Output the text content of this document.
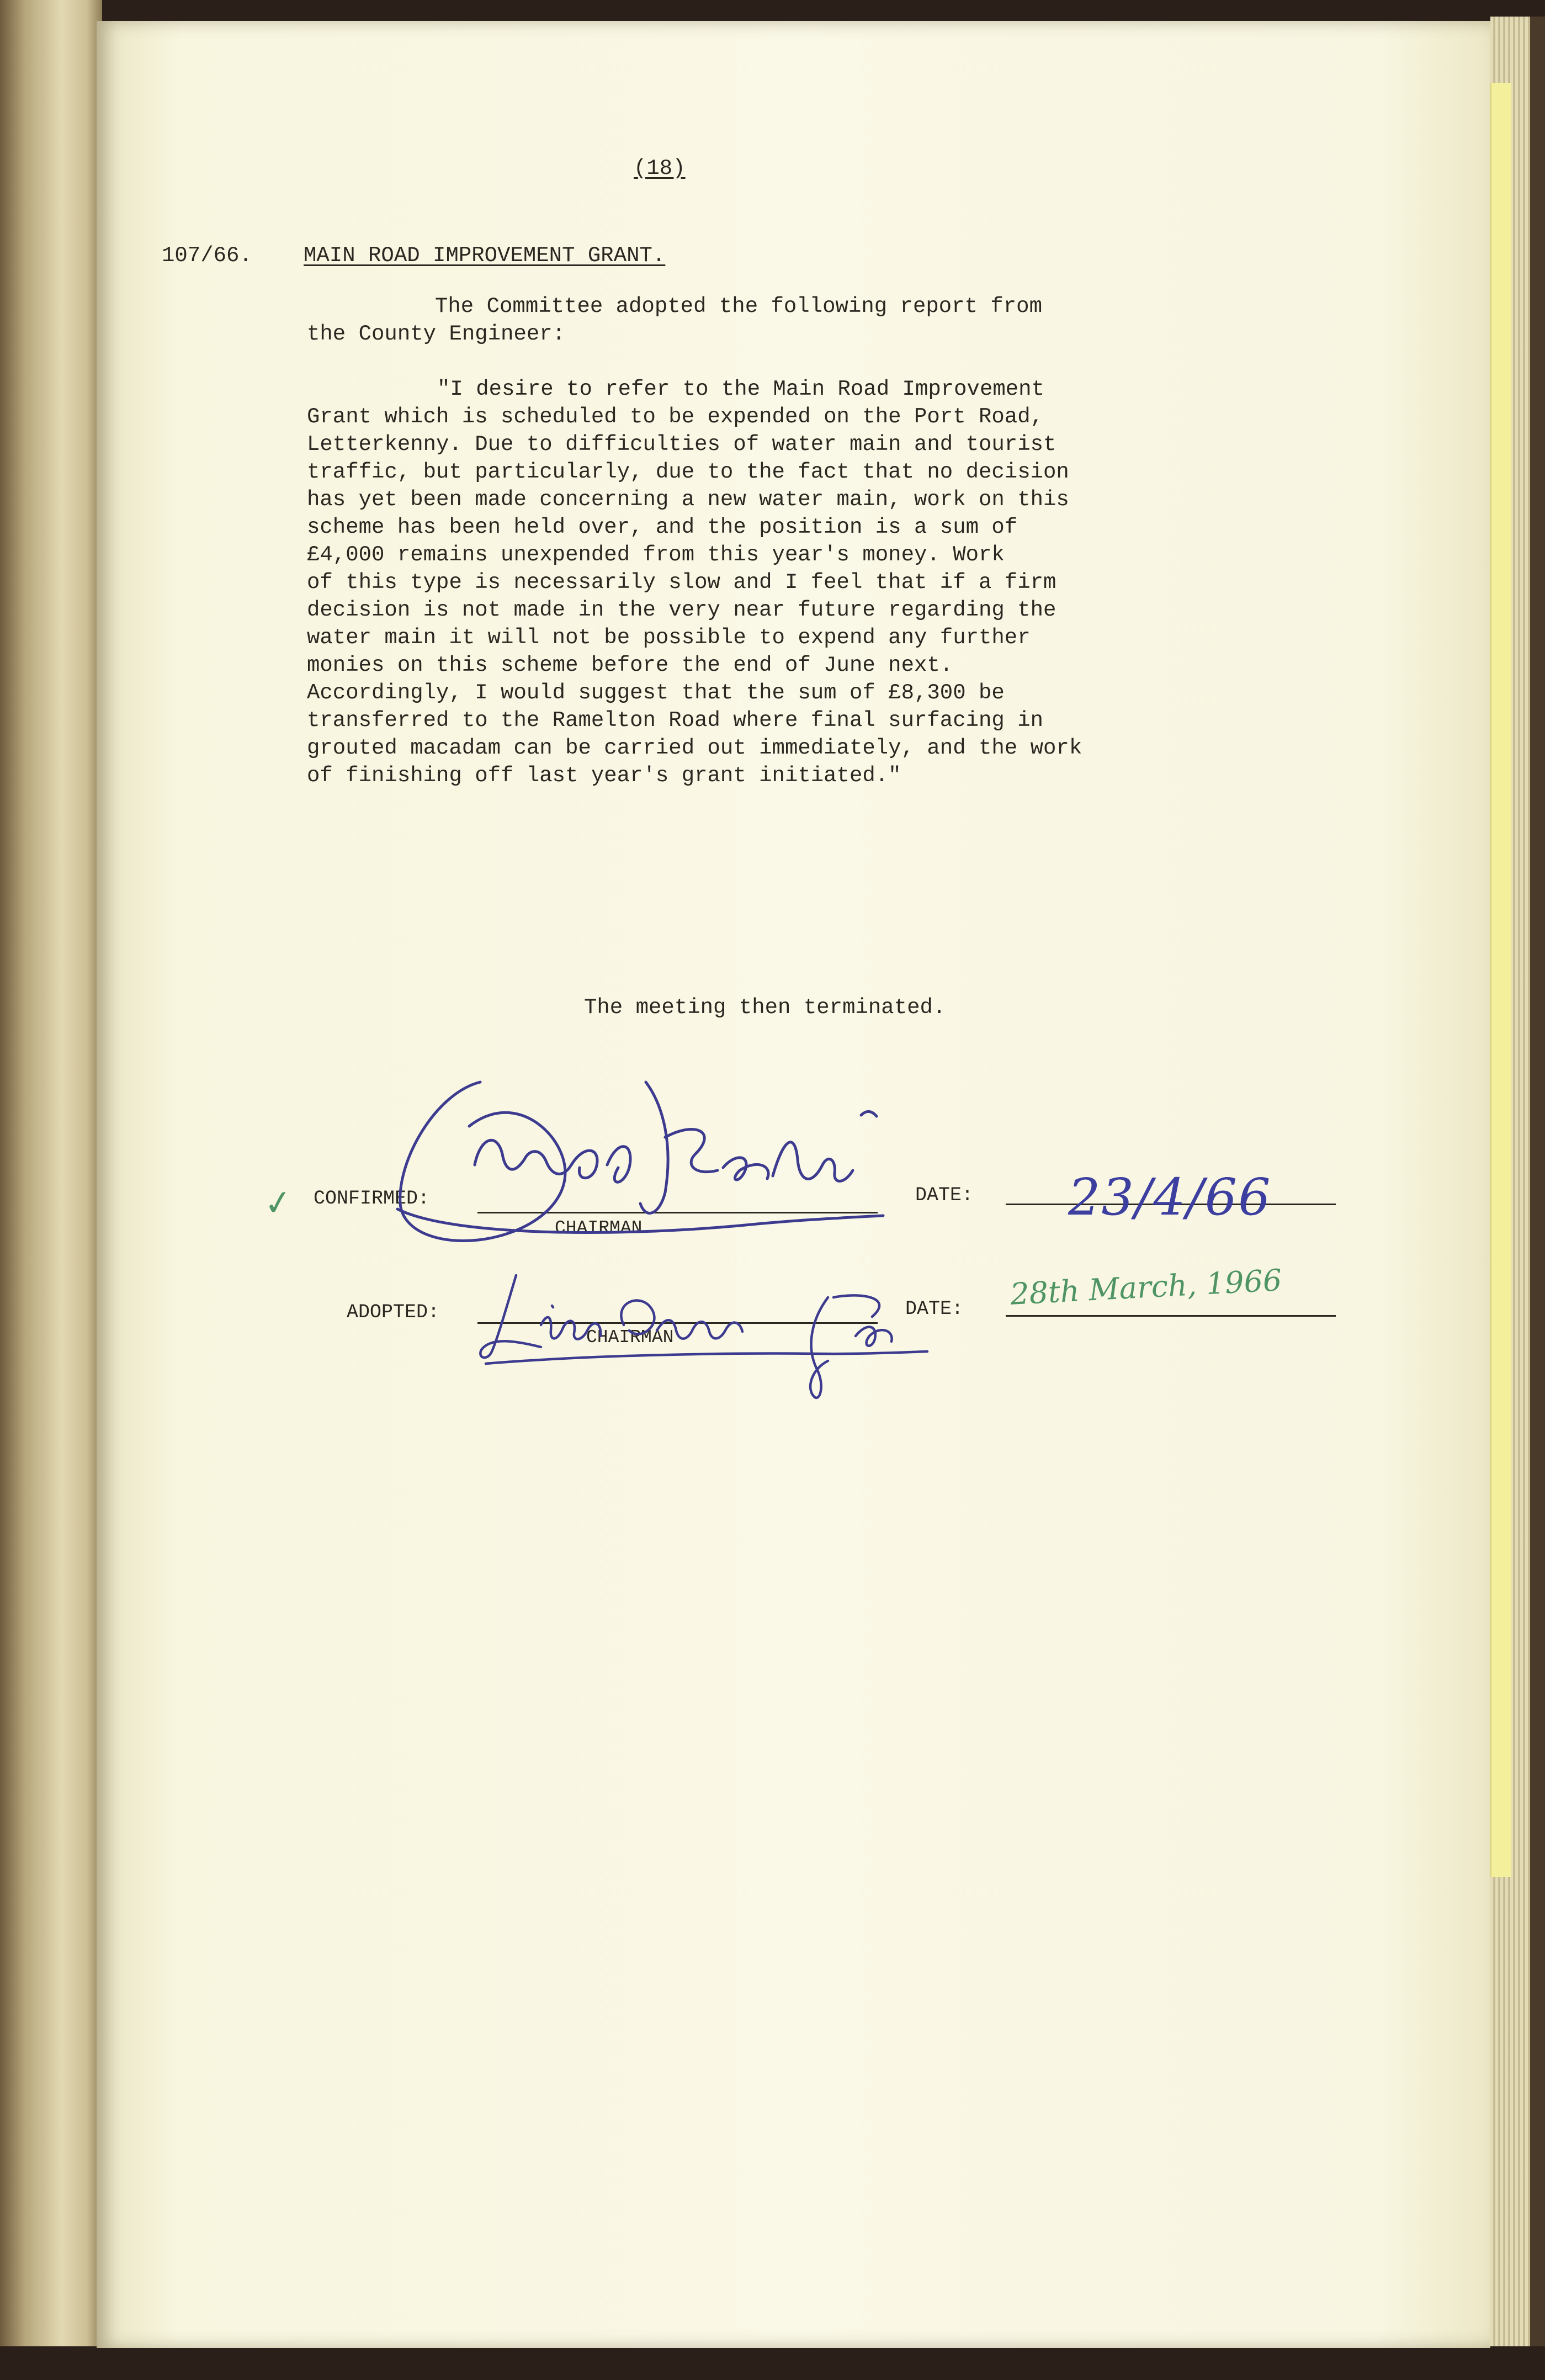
(18)
107/66. MAIN ROAD IMPROVEMENT GRANT.
The Committee adopted the following report from
the County Engineer:
"I desire to refer to the Main Road Improvement
Grant which is scheduled to be expended on the Port Road,
Letterkenny. Due to difficulties of water main and tourist
traffic, but particularly, due to the fact that no decision
has yet been made concerning a new water main, work on this
scheme has been held over, and the position is a sum of
£4,000 remains unexpended from this year's money. Work
of this type is necessarily slow and I feel that if a firm
decision is not made in the very near future regarding the
water main it will not be possible to expend any further
monies on this scheme before the end of June next.
Accordingly, I would suggest that the sum of £8,300 be
transferred to the Ramelton Road where final surfacing in
grouted macadam can be carried out immediately, and the work
of finishing off last year's grant initiated."
The meeting then terminated.
✓ CONFIRMED:
CHAIRMAN
DATE: 23/4/66
ADOPTED:
CHAIRMAN
DATE: 28th March, 1966
